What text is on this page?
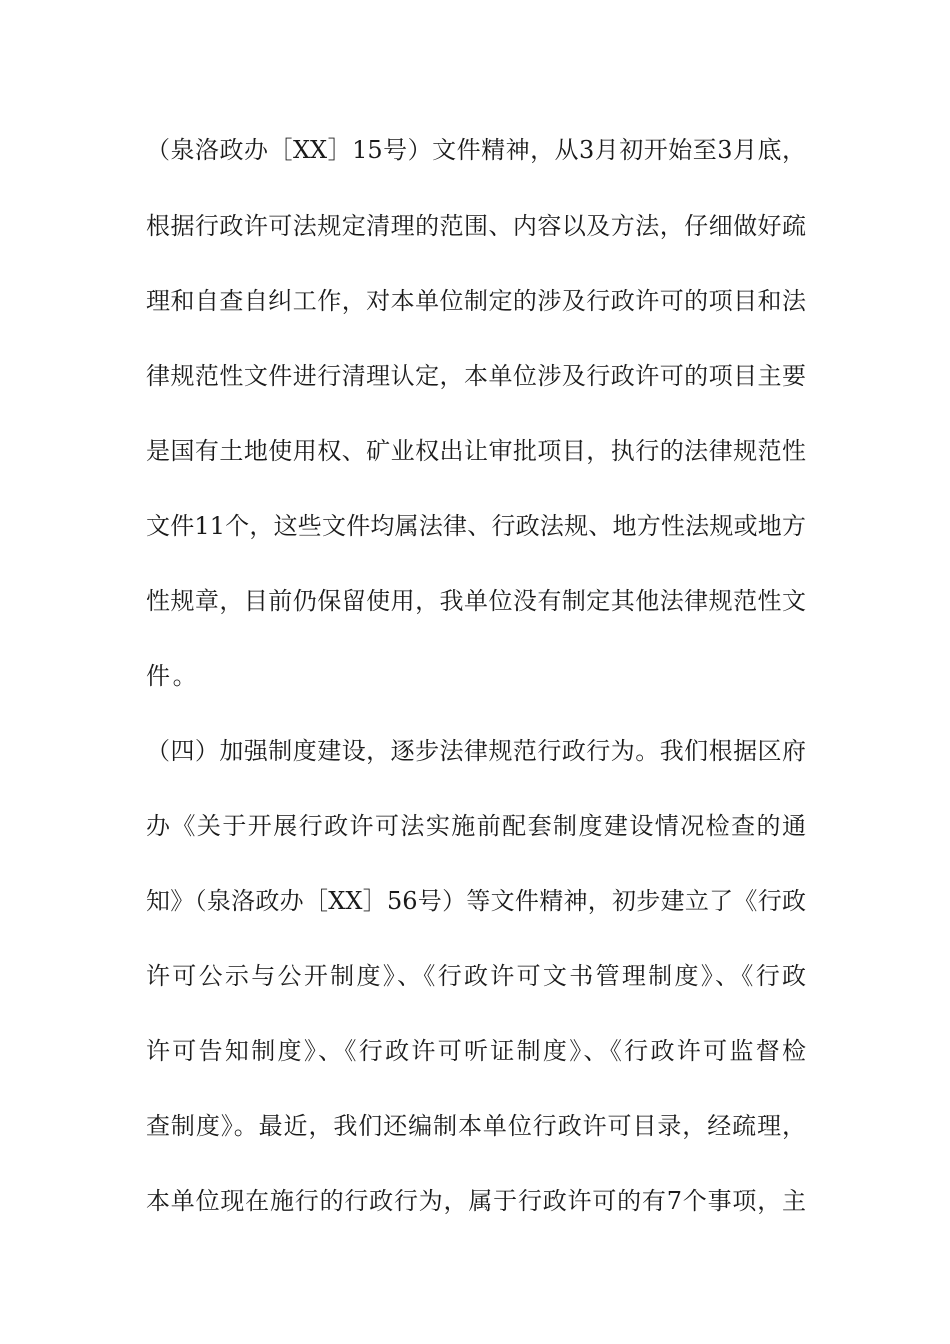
（泉洛政办［XX］15号）文件精神，从3月初开始至3月底，
根据行政许可法规定清理的范围、内容以及方法，仔细做好疏
理和自查自纠工作，对本单位制定的涉及行政许可的项目和法
律规范性文件进行清理认定，本单位涉及行政许可的项目主要
是国有土地使用权、矿业权出让审批项目，执行的法律规范性
文件11个，这些文件均属法律、行政法规、地方性法规或地方
性规章，目前仍保留使用，我单位没有制定其他法律规范性文
件。
（四）加强制度建设，逐步法律规范行政行为。我们根据区府
办《关于开展行政许可法实施前配套制度建设情况检查的通
知》（泉洛政办［XX］56号）等文件精神，初步建立了《行政
许可公示与公开制度》、《行政许可文书管理制度》、《行政
许可告知制度》、《行政许可听证制度》、《行政许可监督检
查制度》。最近，我们还编制本单位行政许可目录，经疏理，
本单位现在施行的行政行为，属于行政许可的有7个事项，主
